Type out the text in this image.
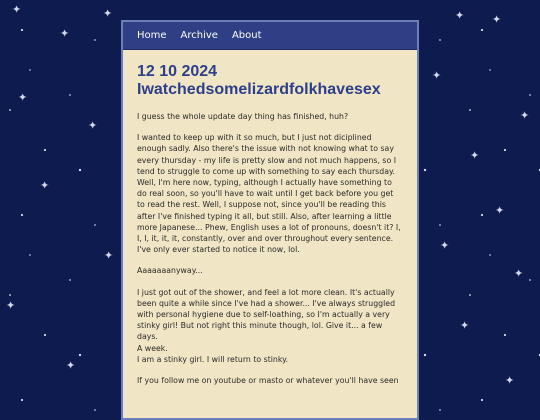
✦
✦
✦
✦
✦
✦
✦
✦
✦
✦	✦
✦
✦
✦
✦
✦
✦
✦
✦
Home Archive About
12 10 2024
Iwatchedsomelizardfolkhavesex

I guess the whole update day thing has finished, huh?

I wanted to keep up with it so much, but I just not diciplined enough sadly. Also there's the issue with not knowing what to say every thursday - my life is pretty slow and not much happens, so I tend to struggle to come up with something to say each thursday. Well, I'm here now, typing, although I actually have something to do real soon, so you'll have to wait until I get back before you get to read the rest. Well, I suppose not, since you'll be reading this after I've finished typing it all, but still. Also, after learning a little more Japanese... Phew, English uses a lot of pronouns, doesn't it? I, I, I, it, it, it, constantly, over and over throughout every sentence. I've only ever started to notice it now, lol.

Aaaaaaanyway...

I just got out of the shower, and feel a lot more clean. It's actually been quite a while since I've had a shower... I've always struggled with personal hygiene due to self-loathing, so I'm actually a very stinky girl! But not right this minute though, lol. Give it... a few days.
A week.
I am a stinky girl. I will return to stinky.

If you follow me on youtube or masto or whatever you'll have seen
